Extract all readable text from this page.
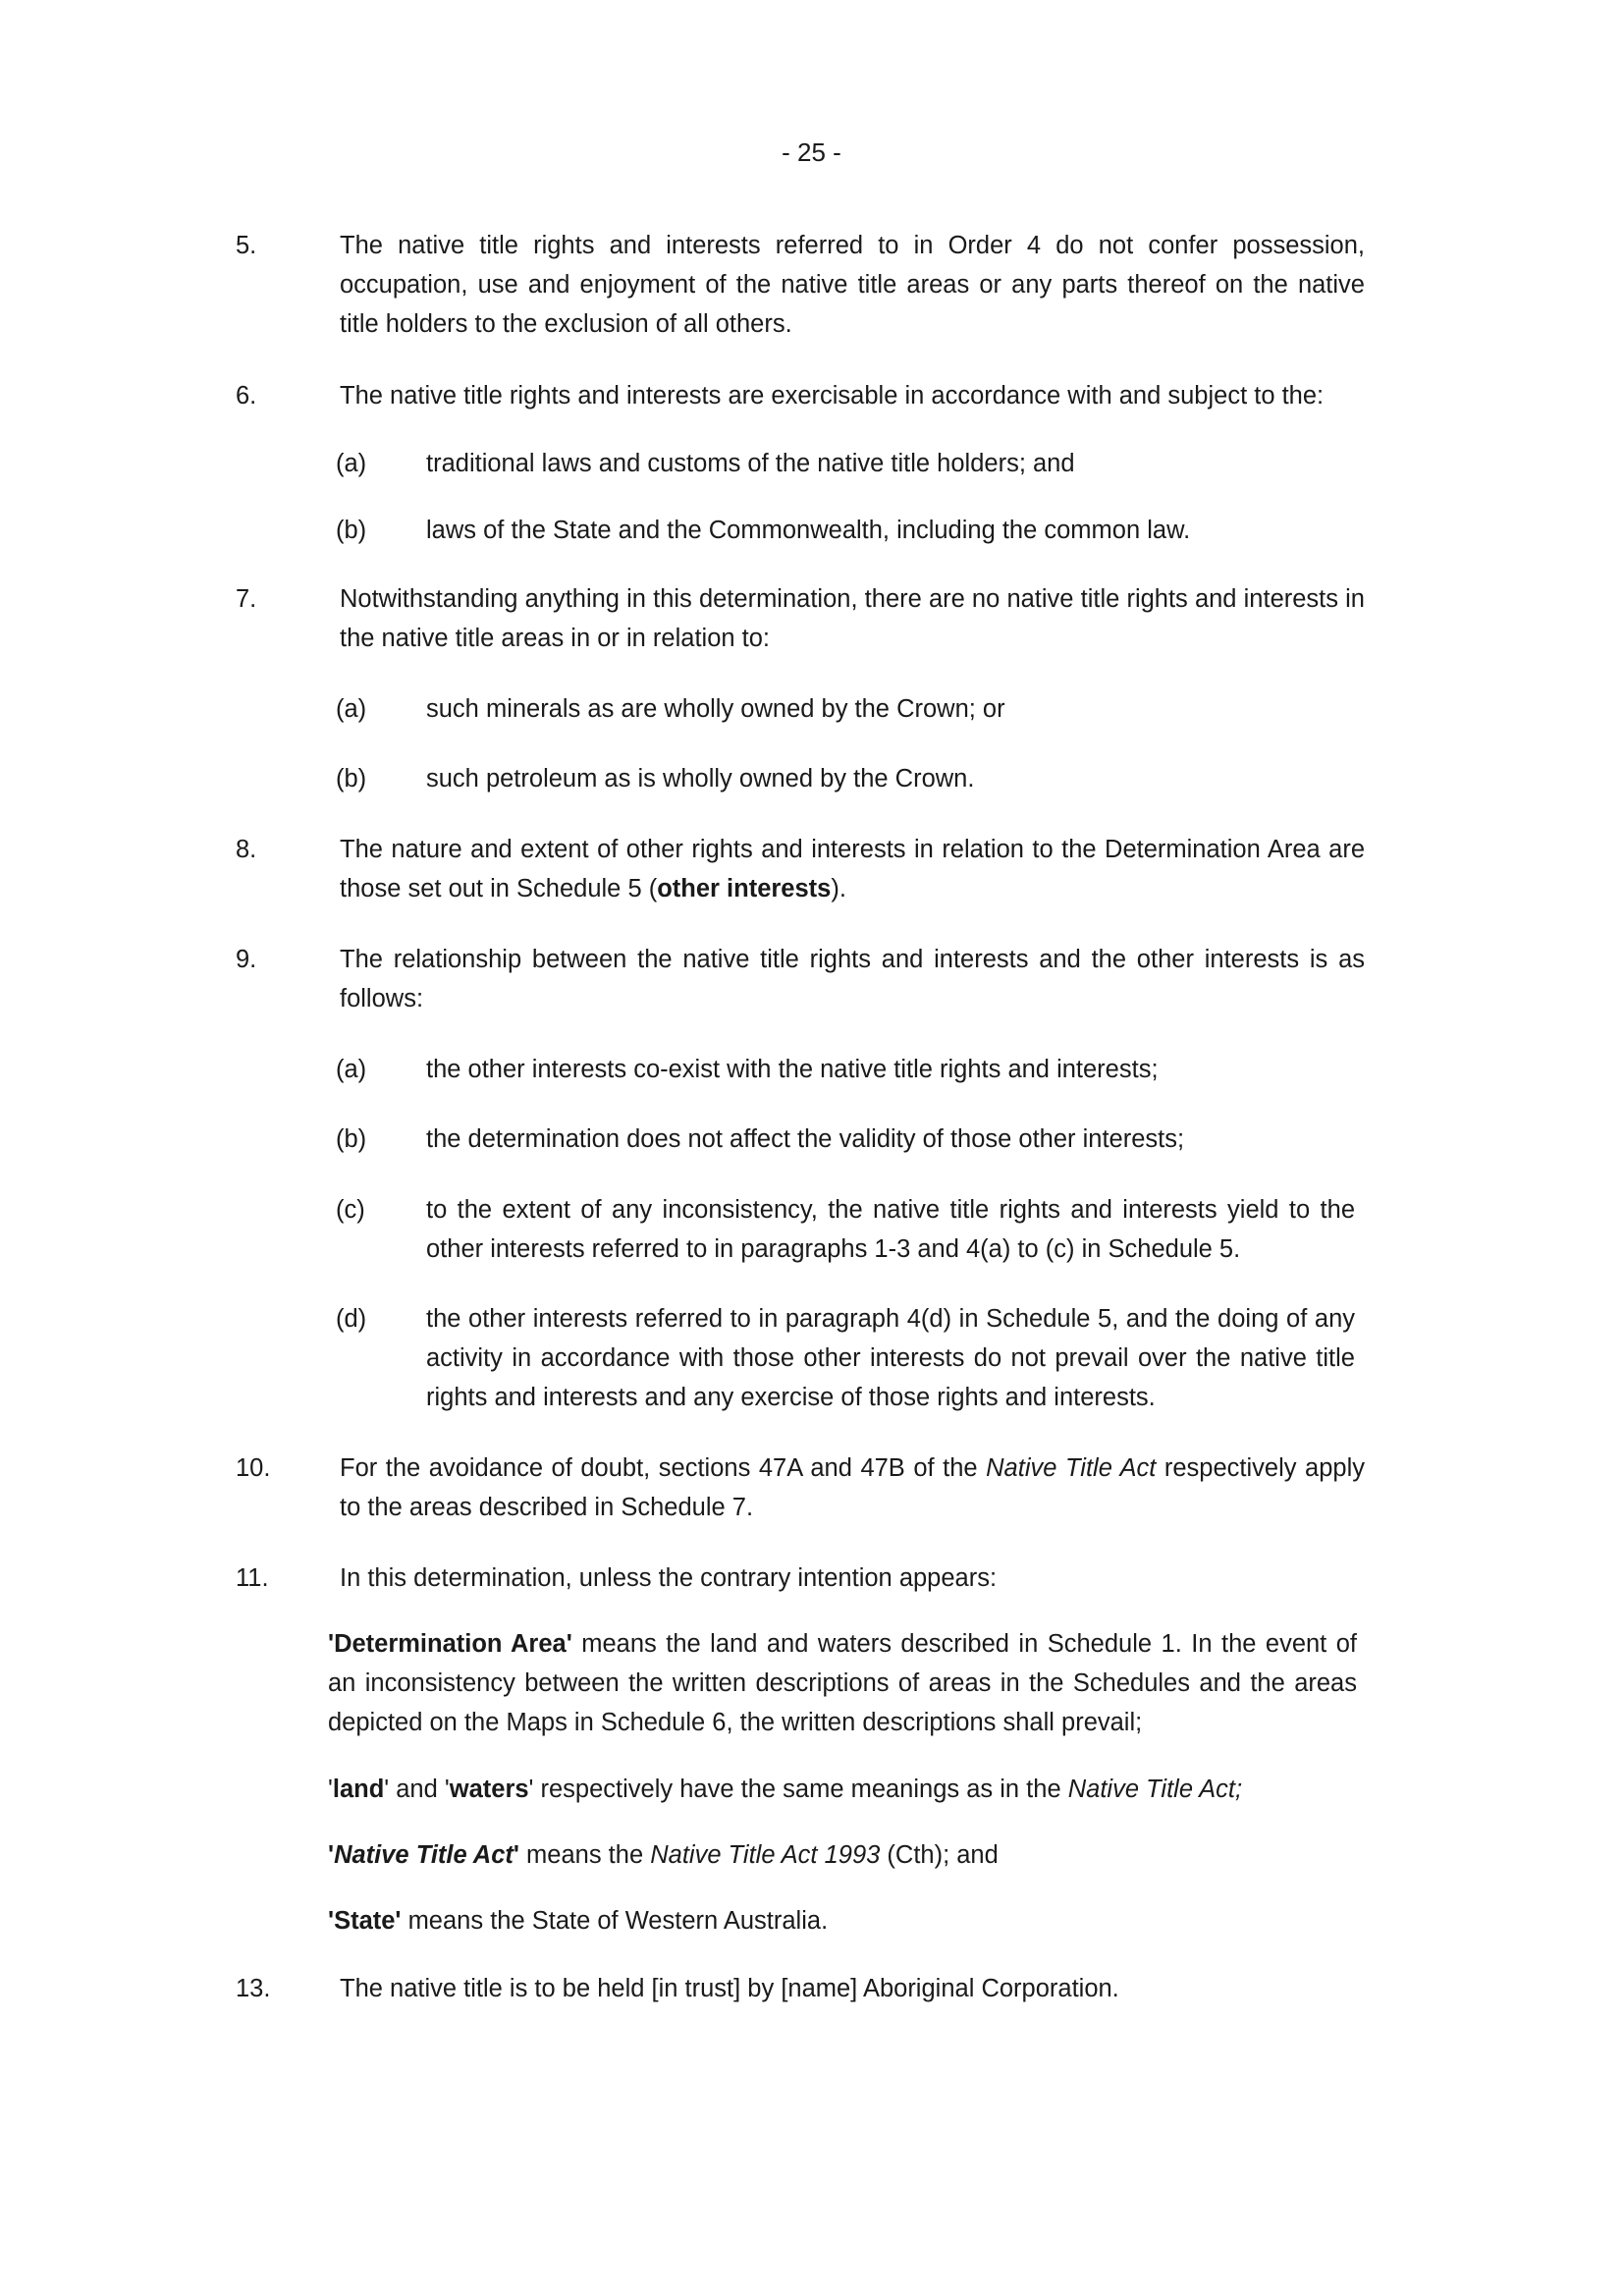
- 25 -
5.	The native title rights and interests referred to in Order 4 do not confer possession, occupation, use and enjoyment of the native title areas or any parts thereof on the native title holders to the exclusion of all others.
6.	The native title rights and interests are exercisable in accordance with and subject to the:
(a)	traditional laws and customs of the native title holders; and
(b)	laws of the State and the Commonwealth, including the common law.
7.	Notwithstanding anything in this determination, there are no native title rights and interests in the native title areas in or in relation to:
(a)	such minerals as are wholly owned by the Crown; or
(b)	such petroleum as is wholly owned by the Crown.
8.	The nature and extent of other rights and interests in relation to the Determination Area are those set out in Schedule 5 (other interests).
9.	The relationship between the native title rights and interests and the other interests is as follows:
(a)	the other interests co-exist with the native title rights and interests;
(b)	the determination does not affect the validity of those other interests;
(c)	to the extent of any inconsistency, the native title rights and interests yield to the other interests referred to in paragraphs 1-3 and 4(a) to (c) in Schedule 5.
(d)	the other interests referred to in paragraph 4(d) in Schedule 5, and the doing of any activity in accordance with those other interests do not prevail over the native title rights and interests and any exercise of those rights and interests.
10.	For the avoidance of doubt, sections 47A and 47B of the Native Title Act respectively apply to the areas described in Schedule 7.
11.	In this determination, unless the contrary intention appears:
'Determination Area' means the land and waters described in Schedule 1. In the event of an inconsistency between the written descriptions of areas in the Schedules and the areas depicted on the Maps in Schedule 6, the written descriptions shall prevail;
'land' and 'waters' respectively have the same meanings as in the Native Title Act;
'Native Title Act' means the Native Title Act 1993 (Cth); and
'State' means the State of Western Australia.
13.	The native title is to be held [in trust] by [name] Aboriginal Corporation.
